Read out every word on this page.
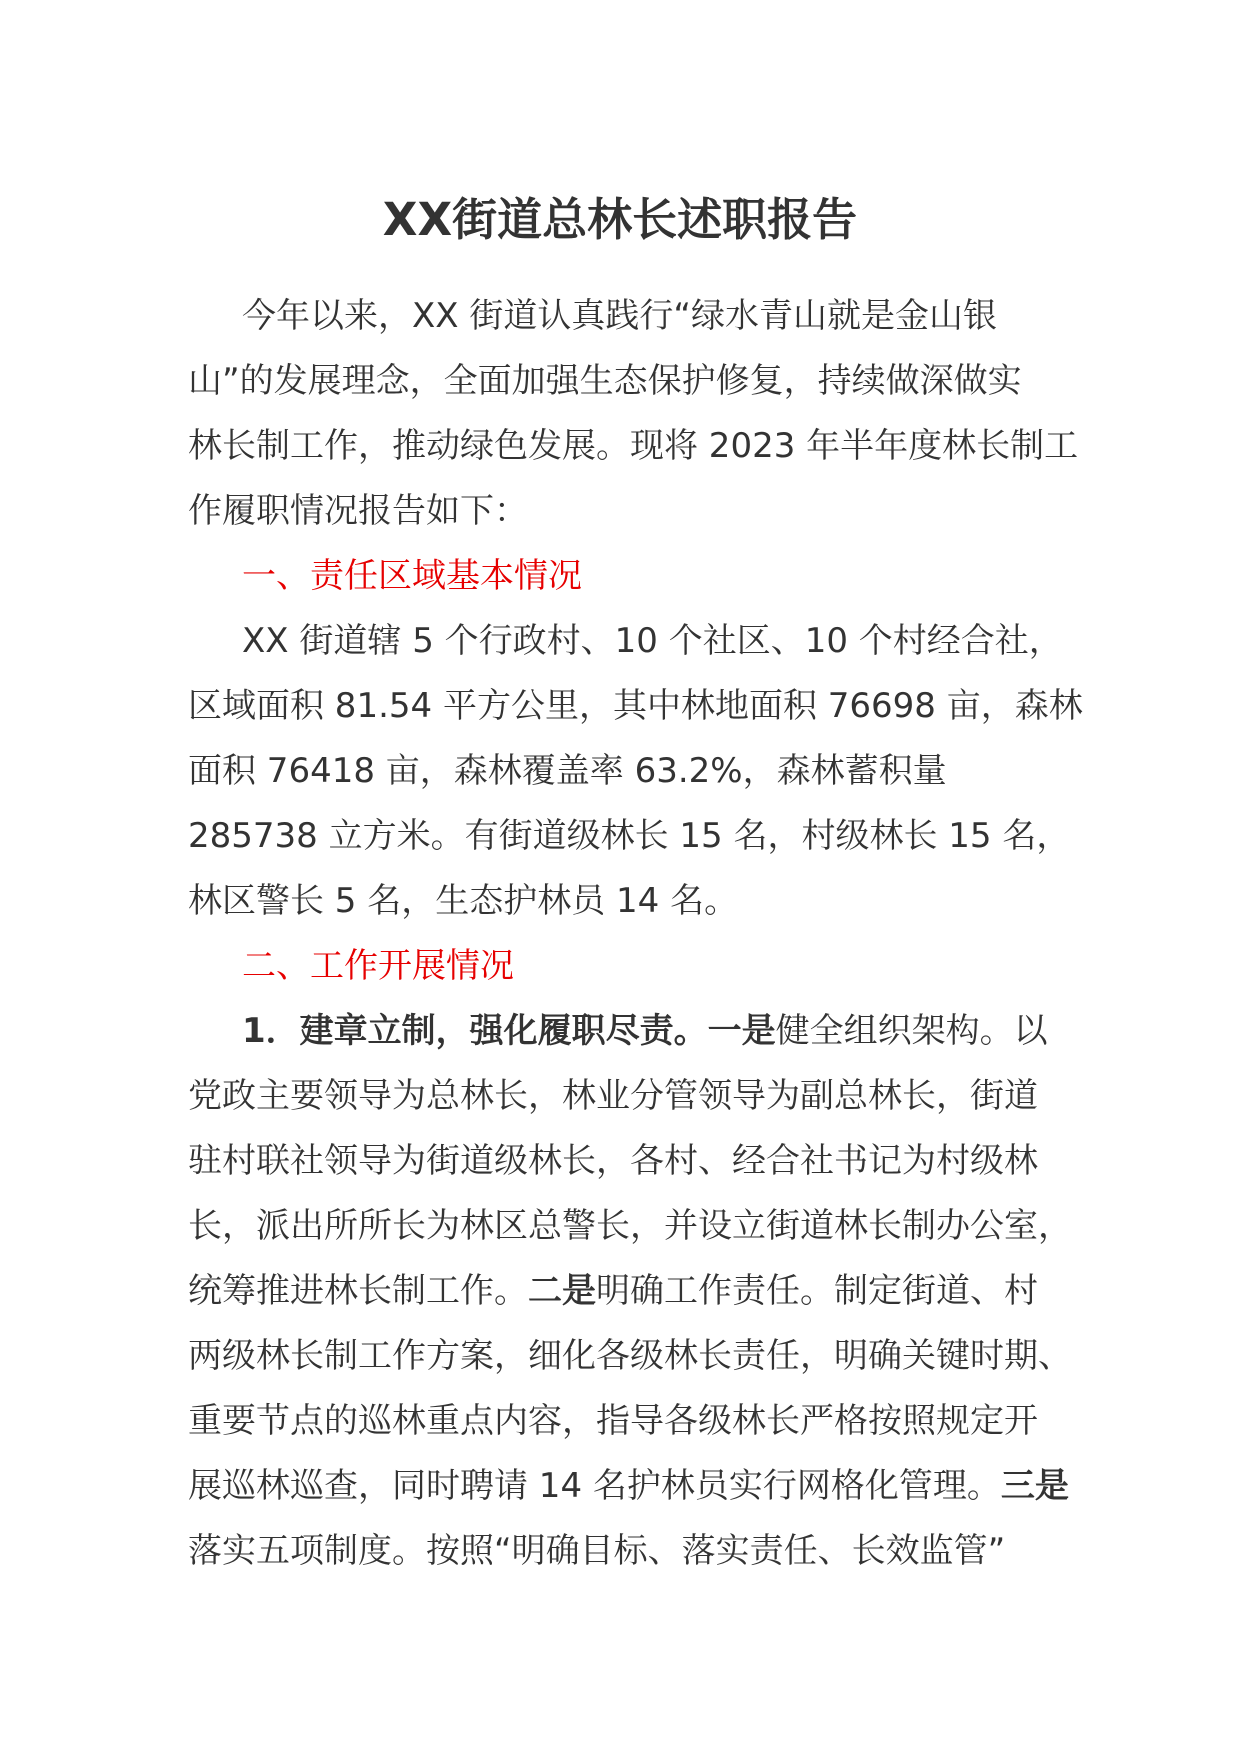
XX街道总林长述职报告
今年以来，XX 街道认真践行“绿水青山就是金山银
山”的发展理念，全面加强生态保护修复，持续做深做实
林长制工作，推动绿色发展。现将 2023 年半年度林长制工
作履职情况报告如下：
一、责任区域基本情况
XX 街道辖 5 个行政村、10 个社区、10 个村经合社，
区域面积 81.54 平方公里，其中林地面积 76698 亩，森林
面积 76418 亩，森林覆盖率 63.2%，森林蓄积量
285738 立方米。有街道级林长 15 名，村级林长 15 名，
林区警长 5 名，生态护林员 14 名。
二、工作开展情况
1．建章立制，强化履职尽责。一是健全组织架构。以
党政主要领导为总林长，林业分管领导为副总林长，街道
驻村联社领导为街道级林长，各村、经合社书记为村级林
长，派出所所长为林区总警长，并设立街道林长制办公室，
统筹推进林长制工作。二是明确工作责任。制定街道、村
两级林长制工作方案，细化各级林长责任，明确关键时期、
重要节点的巡林重点内容，指导各级林长严格按照规定开
展巡林巡查，同时聘请 14 名护林员实行网格化管理。三是
落实五项制度。按照“明确目标、落实责任、长效监管”
